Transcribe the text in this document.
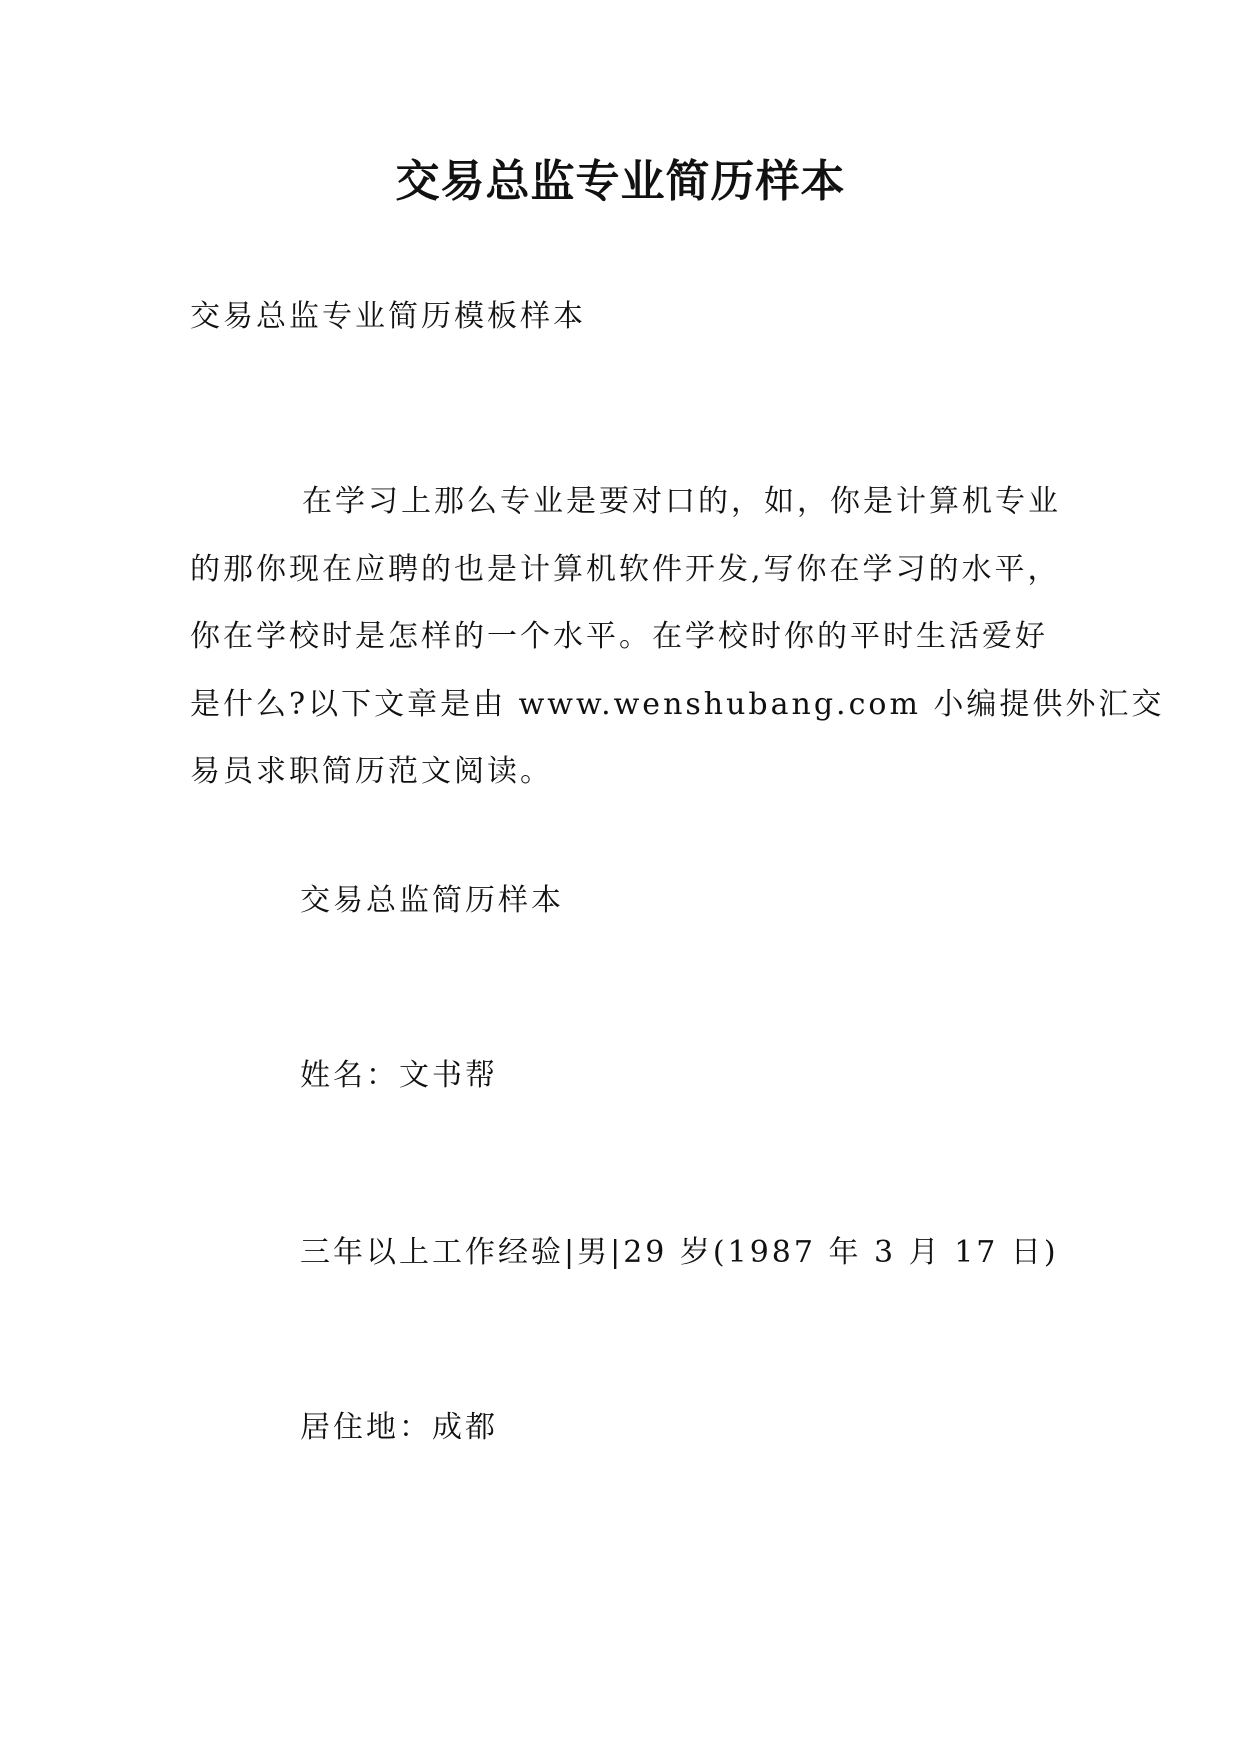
交易总监专业简历样本
交易总监专业简历模板样本
在学习上那么专业是要对口的，如，你是计算机专业
的那你现在应聘的也是计算机软件开发,写你在学习的水平，
你在学校时是怎样的一个水平。在学校时你的平时生活爱好
是什么?以下文章是由 www.wenshubang.com 小编提供外汇交
易员求职简历范文阅读。
交易总监简历样本
姓名：文书帮
三年以上工作经验|男|29 岁(1987 年 3 月 17 日)
居住地：成都
